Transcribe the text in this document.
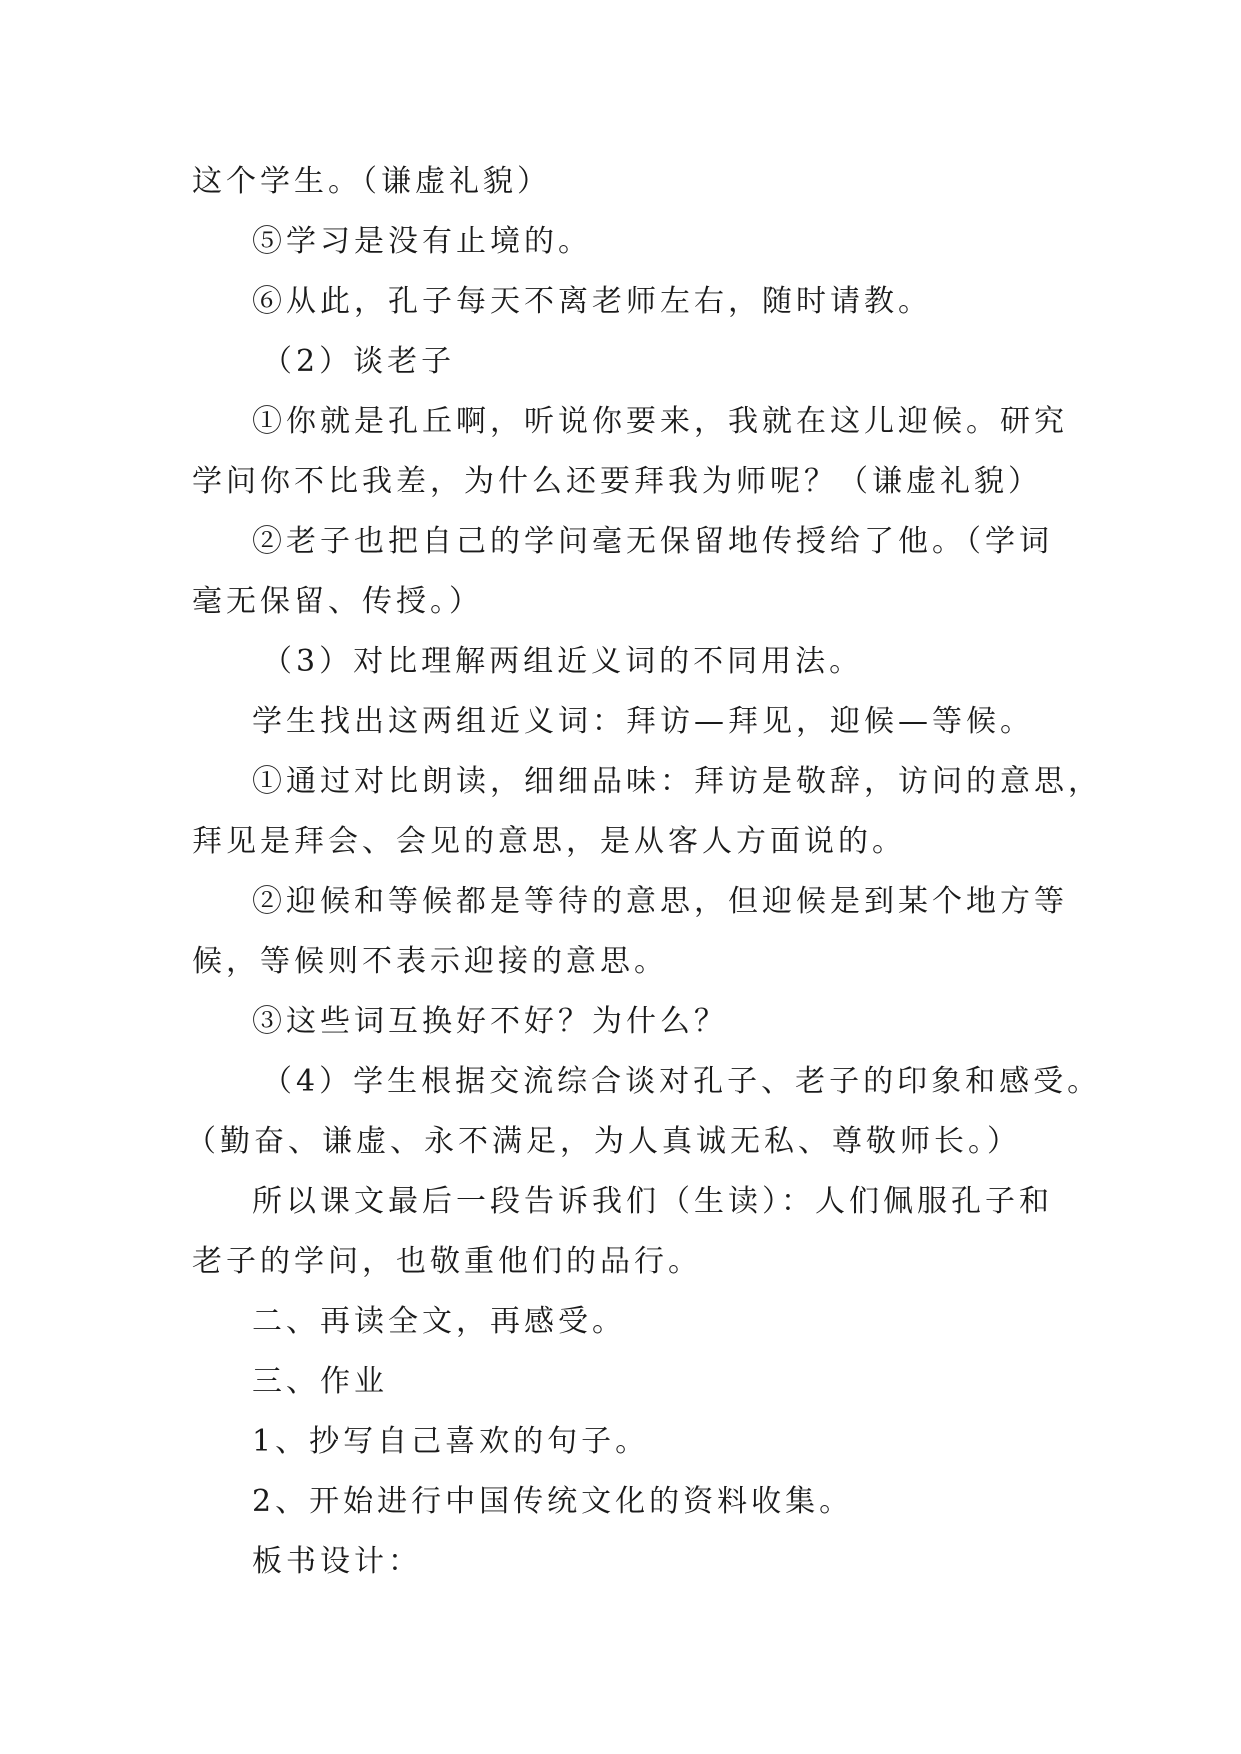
这个学生。（谦虚礼貌）
⑤学习是没有止境的。
⑥从此，孔子每天不离老师左右，随时请教。
（2）谈老子
①你就是孔丘啊，听说你要来，我就在这儿迎候。研究
学问你不比我差，为什么还要拜我为师呢？（谦虚礼貌）
②老子也把自己的学问毫无保留地传授给了他。（学词
毫无保留、传授。）
（3）对比理解两组近义词的不同用法。
学生找出这两组近义词：拜访—拜见，迎候—等候。
①通过对比朗读，细细品味：拜访是敬辞，访问的意思，
拜见是拜会、会见的意思，是从客人方面说的。
②迎候和等候都是等待的意思，但迎候是到某个地方等
候，等候则不表示迎接的意思。
③这些词互换好不好？为什么？
（4）学生根据交流综合谈对孔子、老子的印象和感受。
（勤奋、谦虚、永不满足，为人真诚无私、尊敬师长。）
所以课文最后一段告诉我们（生读）：人们佩服孔子和
老子的学问，也敬重他们的品行。
二、再读全文，再感受。
三、作业
1、抄写自己喜欢的句子。
2、开始进行中国传统文化的资料收集。
板书设计：
